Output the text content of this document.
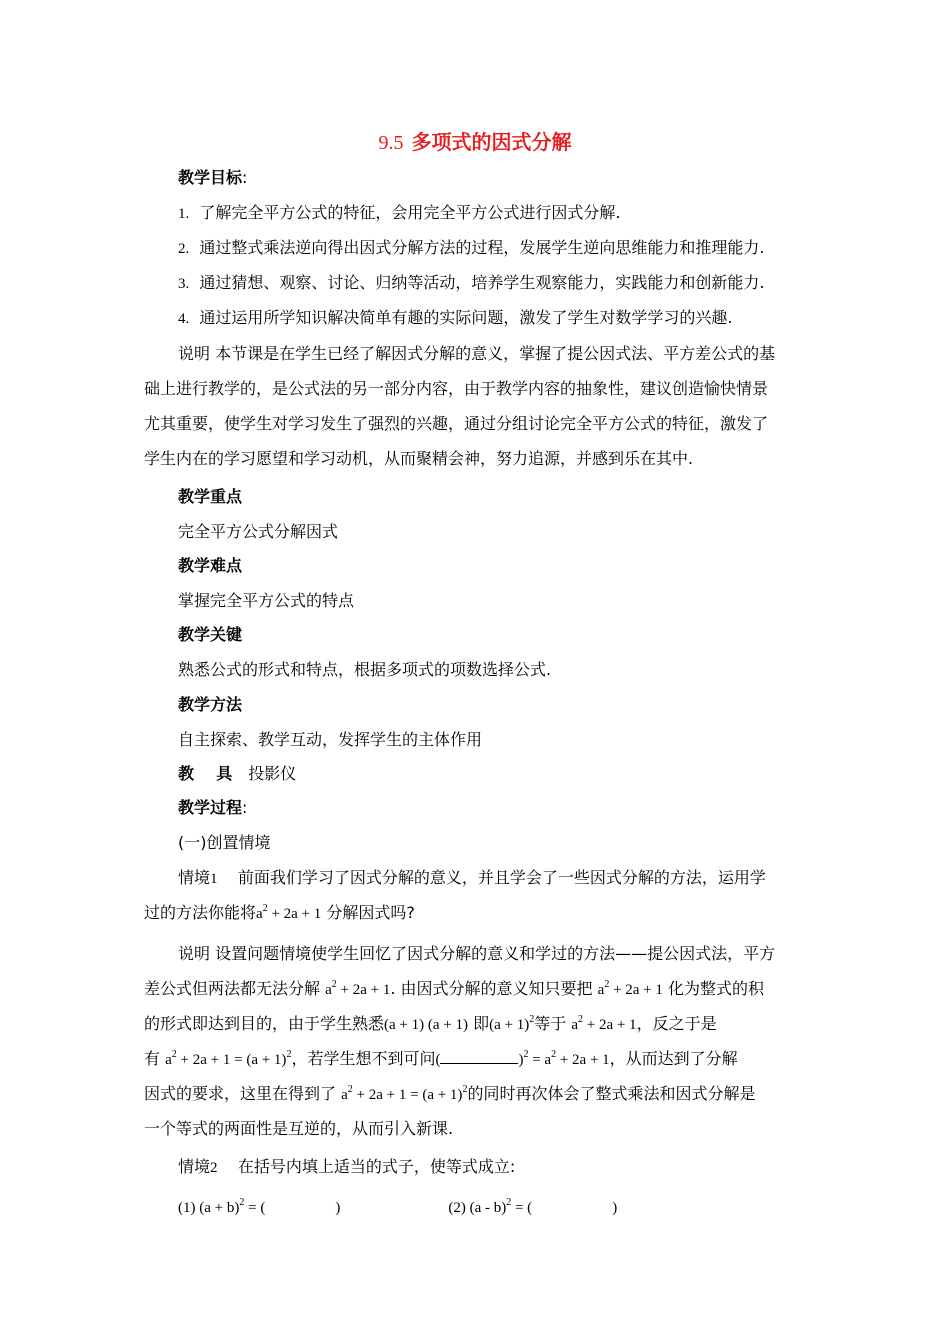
9.5 多项式的因式分解
教学目标:
1. 了解完全平方公式的特征，会用完全平方公式进行因式分解.
2. 通过整式乘法逆向得出因式分解方法的过程，发展学生逆向思维能力和推理能力.
3. 通过猜想、观察、讨论、归纳等活动，培养学生观察能力，实践能力和创新能力.
4. 通过运用所学知识解决简单有趣的实际问题，激发了学生对数学学习的兴趣.
说明 本节课是在学生已经了解因式分解的意义，掌握了提公因式法、平方差公式的基
础上进行教学的，是公式法的另一部分内容，由于教学内容的抽象性，建议创造愉快情景
尤其重要，使学生对学习发生了强烈的兴趣，通过分组讨论完全平方公式的特征，激发了
学生内在的学习愿望和学习动机，从而聚精会神，努力追源，并感到乐在其中.
教学重点
完全平方公式分解因式
教学难点
掌握完全平方公式的特点
教学关键
熟悉公式的形式和特点，根据多项式的项数选择公式.
教学方法
自主探索、教学互动，发挥学生的主体作用
教    具 投影仪
教学过程:
(一)创置情境
情境1 前面我们学习了因式分解的意义，并且学会了一些因式分解的方法，运用学
过的方法你能将$a^2 + 2a + 1$ 分解因式吗?
说明 设置问题情境使学生回忆了因式分解的意义和学过的方法——提公因式法，平方
差公式但两法都无法分解 $a^2 + 2a + 1$. 由因式分解的意义知只要把 $a^2 + 2a + 1$ 化为整式的积
的形式即达到目的，由于学生熟悉(a + 1) (a + 1) 即$(a + 1)^2$等于 $a^2 + 2a + 1$，反之于是
有 $a^2 + 2a + 1 = (a + 1)^2$，若学生想不到可问(	)$^2 = a^2 + 2a + 1$，从而达到了分解
因式的要求，这里在得到了 $a^2 + 2a + 1 = (a + 1)^2$的同时再次体会了整式乘法和因式分解是
一个等式的两面性是互逆的，从而引入新课.
情境2 在括号内填上适当的式子，使等式成立:
(1) $(a + b)^2$ = (	)	(2) (a - b)$^2$ = (	)
